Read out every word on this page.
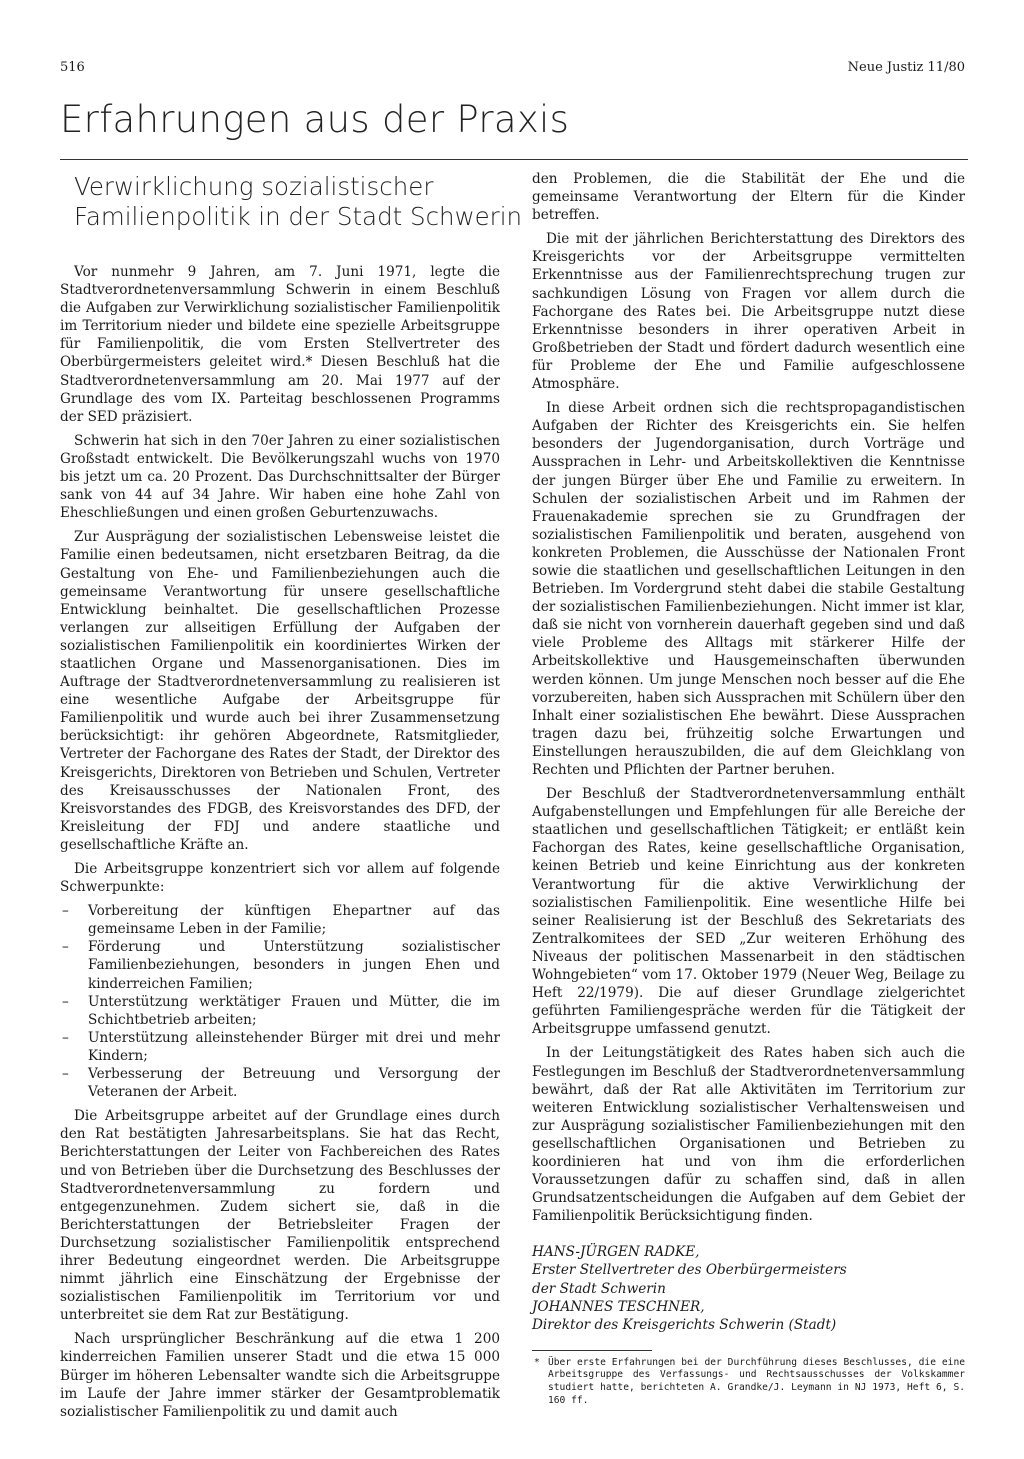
516	Neue Justiz 11/80
Erfahrungen aus der Praxis
Verwirklichung sozialistischer
Familienpolitik in der Stadt Schwerin

Vor nunmehr 9 Jahren, am 7. Juni 1971, legte die Stadtverordnetenversammlung Schwerin in einem Beschluß die Aufgaben zur Verwirklichung sozialistischer Familienpolitik im Territorium nieder und bildete eine spezielle Arbeitsgruppe für Familienpolitik, die vom Ersten Stellvertreter des Oberbürgermeisters geleitet wird.* Diesen Beschluß hat die Stadtverordnetenversammlung am 20. Mai 1977 auf der Grundlage des vom IX. Parteitag beschlossenen Programms der SED präzisiert.

Schwerin hat sich in den 70er Jahren zu einer sozialistischen Großstadt entwickelt. Die Bevölkerungszahl wuchs von 1970 bis jetzt um ca. 20 Prozent. Das Durchschnittsalter der Bürger sank von 44 auf 34 Jahre. Wir haben eine hohe Zahl von Eheschließungen und einen großen Geburtenzuwachs.

Zur Ausprägung der sozialistischen Lebensweise leistet die Familie einen bedeutsamen, nicht ersetzbaren Beitrag, da die Gestaltung von Ehe- und Familienbeziehungen auch die gemeinsame Verantwortung für unsere gesellschaftliche Entwicklung beinhaltet. Die gesellschaftlichen Prozesse verlangen zur allseitigen Erfüllung der Aufgaben der sozialistischen Familienpolitik ein koordiniertes Wirken der staatlichen Organe und Massenorganisationen. Dies im Auftrage der Stadtverordnetenversammlung zu realisieren ist eine wesentliche Aufgabe der Arbeitsgruppe für Familienpolitik und wurde auch bei ihrer Zusammensetzung berücksichtigt: ihr gehören Abgeordnete, Ratsmitglieder, Vertreter der Fachorgane des Rates der Stadt, der Direktor des Kreisgerichts, Direktoren von Betrieben und Schulen, Vertreter des Kreisausschusses der Nationalen Front, des Kreisvorstandes des FDGB, des Kreisvorstandes des DFD, der Kreisleitung der FDJ und andere staatliche und gesellschaftliche Kräfte an.

Die Arbeitsgruppe konzentriert sich vor allem auf folgende Schwerpunkte:

– Vorbereitung der künftigen Ehepartner auf das gemeinsame Leben in der Familie;
– Förderung und Unterstützung sozialistischer Familienbeziehungen, besonders in jungen Ehen und kinderreichen Familien;
– Unterstützung werktätiger Frauen und Mütter, die im Schichtbetrieb arbeiten;
– Unterstützung alleinstehender Bürger mit drei und mehr Kindern;
– Verbesserung der Betreuung und Versorgung der Veteranen der Arbeit.

Die Arbeitsgruppe arbeitet auf der Grundlage eines durch den Rat bestätigten Jahresarbeitsplans. Sie hat das Recht, Berichterstattungen der Leiter von Fachbereichen des Rates und von Betrieben über die Durchsetzung des Beschlusses der Stadtverordnetenversammlung zu fordern und entgegenzunehmen. Zudem sichert sie, daß in die Berichterstattungen der Betriebsleiter Fragen der Durchsetzung sozialistischer Familienpolitik entsprechend ihrer Bedeutung eingeordnet werden. Die Arbeitsgruppe nimmt jährlich eine Einschätzung der Ergebnisse der sozialistischen Familienpolitik im Territorium vor und unterbreitet sie dem Rat zur Bestätigung.

Nach ursprünglicher Beschränkung auf die etwa 1 200 kinderreichen Familien unserer Stadt und die etwa 15 000 Bürger im höheren Lebensalter wandte sich die Arbeitsgruppe im Laufe der Jahre immer stärker der Gesamtproblematik sozialistischer Familienpolitik zu und damit auch

den Problemen, die die Stabilität der Ehe und die gemeinsame Verantwortung der Eltern für die Kinder betreffen.

Die mit der jährlichen Berichterstattung des Direktors des Kreisgerichts vor der Arbeitsgruppe vermittelten Erkenntnisse aus der Familienrechtsprechung trugen zur sachkundigen Lösung von Fragen vor allem durch die Fachorgane des Rates bei. Die Arbeitsgruppe nutzt diese Erkenntnisse besonders in ihrer operativen Arbeit in Großbetrieben der Stadt und fördert dadurch wesentlich eine für Probleme der Ehe und Familie aufgeschlossene Atmosphäre.

In diese Arbeit ordnen sich die rechtspropagandistischen Aufgaben der Richter des Kreisgerichts ein. Sie helfen besonders der Jugendorganisation, durch Vorträge und Aussprachen in Lehr- und Arbeitskollektiven die Kenntnisse der jungen Bürger über Ehe und Familie zu erweitern. In Schulen der sozialistischen Arbeit und im Rahmen der Frauenakademie sprechen sie zu Grundfragen der sozialistischen Familienpolitik und beraten, ausgehend von konkreten Problemen, die Ausschüsse der Nationalen Front sowie die staatlichen und gesellschaftlichen Leitungen in den Betrieben. Im Vordergrund steht dabei die stabile Gestaltung der sozialistischen Familienbeziehungen. Nicht immer ist klar, daß sie nicht von vornherein dauerhaft gegeben sind und daß viele Probleme des Alltags mit stärkerer Hilfe der Arbeitskollektive und Hausgemeinschaften überwunden werden können. Um junge Menschen noch besser auf die Ehe vorzubereiten, haben sich Aussprachen mit Schülern über den Inhalt einer sozialistischen Ehe bewährt. Diese Aussprachen tragen dazu bei, frühzeitig solche Erwartungen und Einstellungen herauszubilden, die auf dem Gleichklang von Rechten und Pflichten der Partner beruhen.

Der Beschluß der Stadtverordnetenversammlung enthält Aufgabenstellungen und Empfehlungen für alle Bereiche der staatlichen und gesellschaftlichen Tätigkeit; er entläßt kein Fachorgan des Rates, keine gesellschaftliche Organisation, keinen Betrieb und keine Einrichtung aus der konkreten Verantwortung für die aktive Verwirklichung der sozialistischen Familienpolitik. Eine wesentliche Hilfe bei seiner Realisierung ist der Beschluß des Sekretariats des Zentralkomitees der SED „Zur weiteren Erhöhung des Niveaus der politischen Massenarbeit in den städtischen Wohngebieten“ vom 17. Oktober 1979 (Neuer Weg, Beilage zu Heft 22/1979). Die auf dieser Grundlage zielgerichtet geführten Familiengespräche werden für die Tätigkeit der Arbeitsgruppe umfassend genutzt.

In der Leitungstätigkeit des Rates haben sich auch die Festlegungen im Beschluß der Stadtverordnetenversammlung bewährt, daß der Rat alle Aktivitäten im Territorium zur weiteren Entwicklung sozialistischer Verhaltensweisen und zur Ausprägung sozialistischer Familienbeziehungen mit den gesellschaftlichen Organisationen und Betrieben zu koordinieren hat und von ihm die erforderlichen Voraussetzungen dafür zu schaffen sind, daß in allen Grundsatzentscheidungen die Aufgaben auf dem Gebiet der Familienpolitik Berücksichtigung finden.

HANS-JÜRGEN RADKE,
Erster Stellvertreter des Oberbürgermeisters
der Stadt Schwerin
JOHANNES TESCHNER,
Direktor des Kreisgerichts Schwerin (Stadt)
* Über erste Erfahrungen bei der Durchführung dieses Beschlusses, die eine Arbeitsgruppe des Verfassungs- und Rechtsausschusses der Volkskammer studiert hatte, berichteten A. Grandke/J. Leymann in NJ 1973, Heft 6, S. 160 ff.
